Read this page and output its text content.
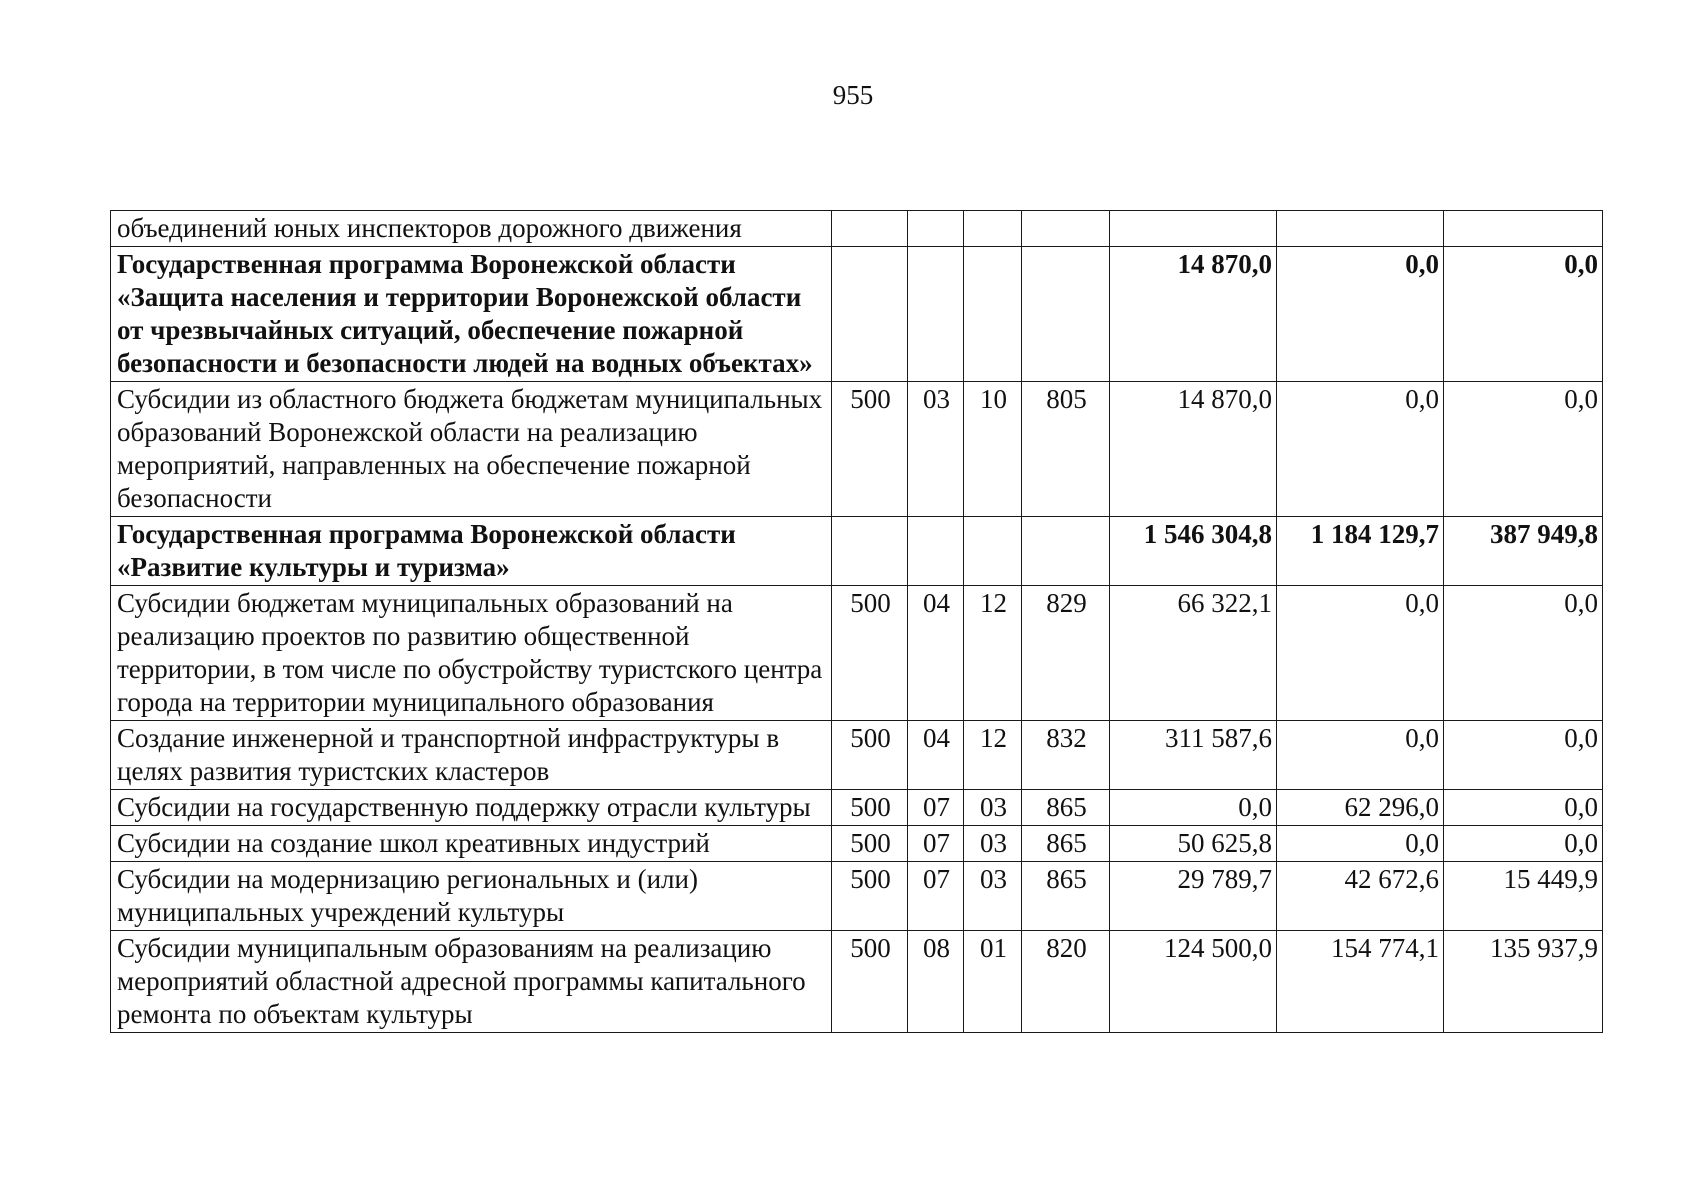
955
объединений юных инспекторов дорожного движения							
Государственная программа Воронежской области «Защита населения и территории Воронежской области от чрезвычайных ситуаций, обеспечение пожарной безопасности и безопасности людей на водных объектах»					14 870,0	0,0	0,0
Субсидии из областного бюджета бюджетам муниципальных образований Воронежской области на реализацию мероприятий, направленных на обеспечение пожарной безопасности	500	03	10	805	14 870,0	0,0	0,0
Государственная программа Воронежской области «Развитие культуры и туризма»					1 546 304,8	1 184 129,7	387 949,8
Субсидии бюджетам муниципальных образований на реализацию проектов по развитию общественной территории, в том числе по обустройству туристского центра города на территории муниципального образования	500	04	12	829	66 322,1	0,0	0,0
Создание инженерной и транспортной инфраструктуры в целях развития туристских кластеров	500	04	12	832	311 587,6	0,0	0,0
Субсидии на государственную поддержку отрасли культуры	500	07	03	865	0,0	62 296,0	0,0
Субсидии на создание школ креативных индустрий	500	07	03	865	50 625,8	0,0	0,0
Субсидии на модернизацию региональных и (или) муниципальных учреждений культуры	500	07	03	865	29 789,7	42 672,6	15 449,9
Субсидии муниципальным образованиям на реализацию мероприятий областной адресной программы капитального ремонта по объектам культуры	500	08	01	820	124 500,0	154 774,1	135 937,9
